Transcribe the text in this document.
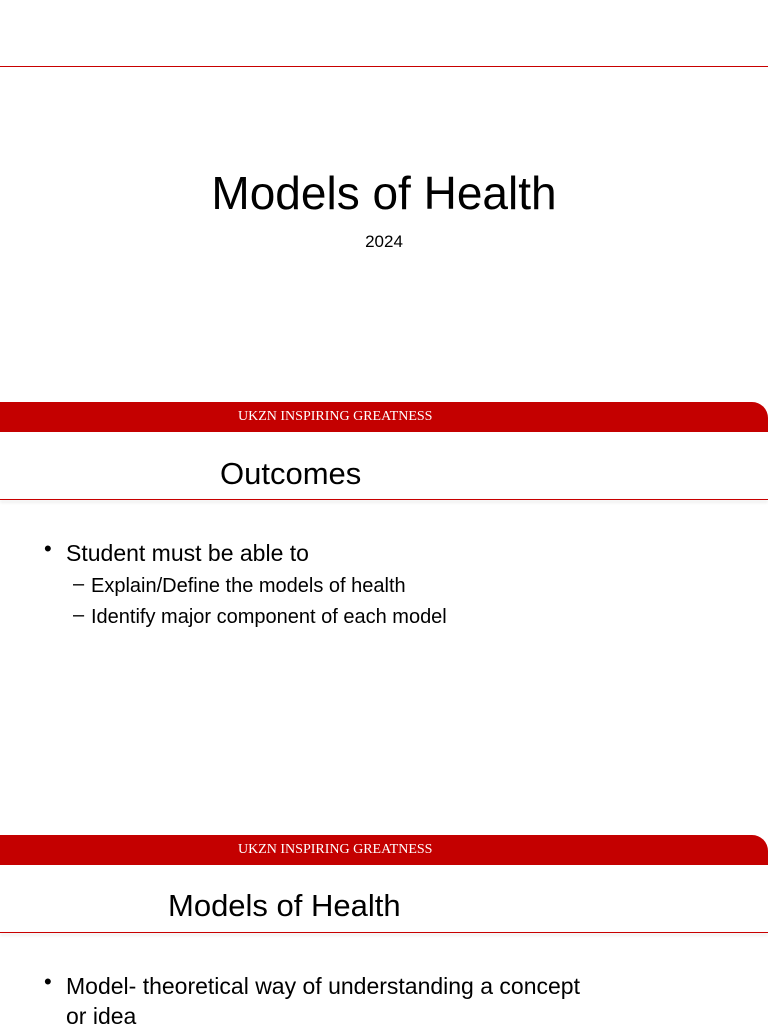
Models of Health
2024
UKZN INSPIRING GREATNESS
Outcomes
• Student must be able to
– Explain/Define the models of health
– Identify major component of each model
UKZN INSPIRING GREATNESS
Models of Health
• Model- theoretical way of understanding a concept
or idea
